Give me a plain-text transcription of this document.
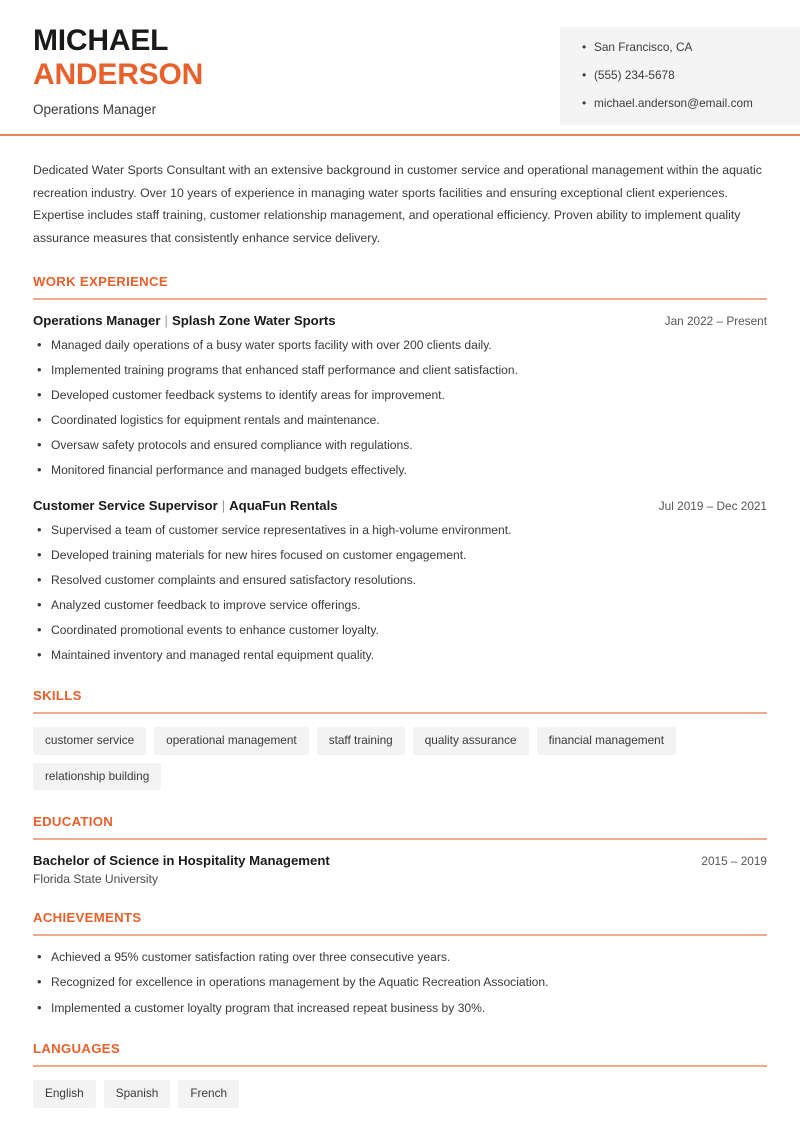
MICHAEL
ANDERSON
Operations Manager
• San Francisco, CA
• (555) 234-5678
• michael.anderson@email.com

Dedicated Water Sports Consultant with an extensive background in customer service and operational management within the aquatic recreation industry. Over 10 years of experience in managing water sports facilities and ensuring exceptional client experiences. Expertise includes staff training, customer relationship management, and operational efficiency. Proven ability to implement quality assurance measures that consistently enhance service delivery.

WORK EXPERIENCE
Operations Manager | Splash Zone Water Sports	Jan 2022 – Present
• Managed daily operations of a busy water sports facility with over 200 clients daily.
• Implemented training programs that enhanced staff performance and client satisfaction.
• Developed customer feedback systems to identify areas for improvement.
• Coordinated logistics for equipment rentals and maintenance.
• Oversaw safety protocols and ensured compliance with regulations.
• Monitored financial performance and managed budgets effectively.
Customer Service Supervisor | AquaFun Rentals	Jul 2019 – Dec 2021
• Supervised a team of customer service representatives in a high-volume environment.
• Developed training materials for new hires focused on customer engagement.
• Resolved customer complaints and ensured satisfactory resolutions.
• Analyzed customer feedback to improve service offerings.
• Coordinated promotional events to enhance customer loyalty.
• Maintained inventory and managed rental equipment quality.
SKILLS
customer service	operational management	staff training	quality assurance	financial management
relationship building
EDUCATION
Bachelor of Science in Hospitality Management	2015 – 2019
Florida State University
ACHIEVEMENTS
• Achieved a 95% customer satisfaction rating over three consecutive years.
• Recognized for excellence in operations management by the Aquatic Recreation Association.
• Implemented a customer loyalty program that increased repeat business by 30%.
LANGUAGES
English	Spanish	French
